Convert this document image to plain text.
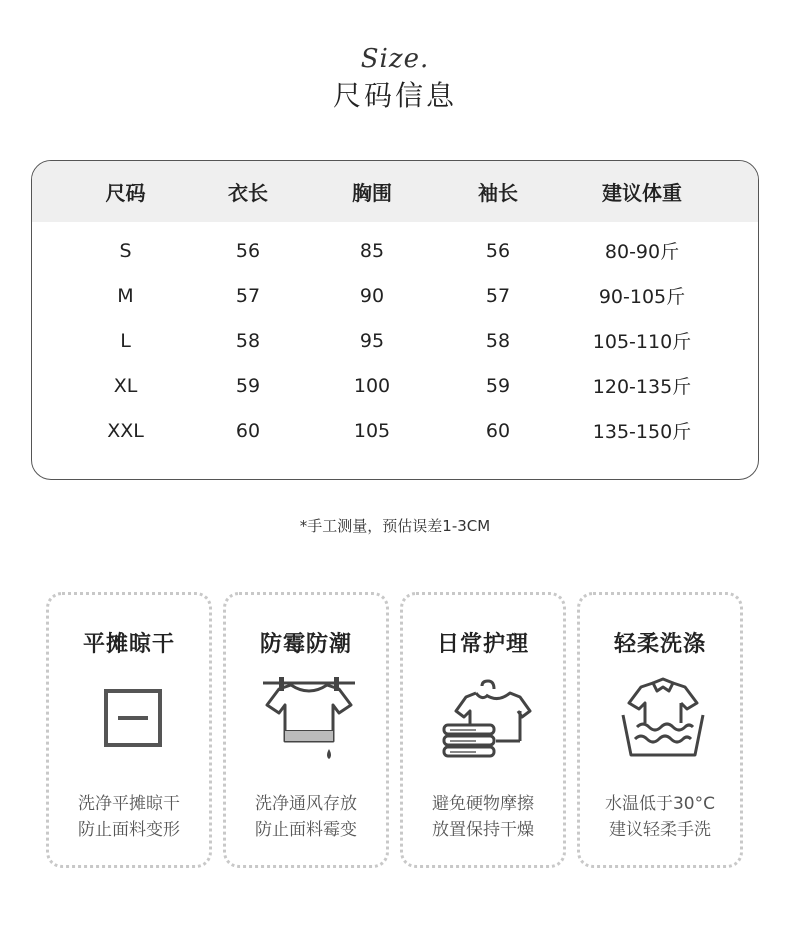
Size.
尺码信息
尺码	衣长	胸围	袖长	建议体重
S	56	85	56	80-90斤
M	57	90	57	90-105斤
L	58	95	58	105-110斤
XL	59	100	59	120-135斤
XXL	60	105	60	135-150斤
*手工测量，预估误差1-3CM
平摊晾干
洗净平摊晾干
防止面料变形
防霉防潮
洗净通风存放
防止面料霉变
日常护理
避免硬物摩擦
放置保持干燥
轻柔洗涤
水温低于30°C
建议轻柔手洗
